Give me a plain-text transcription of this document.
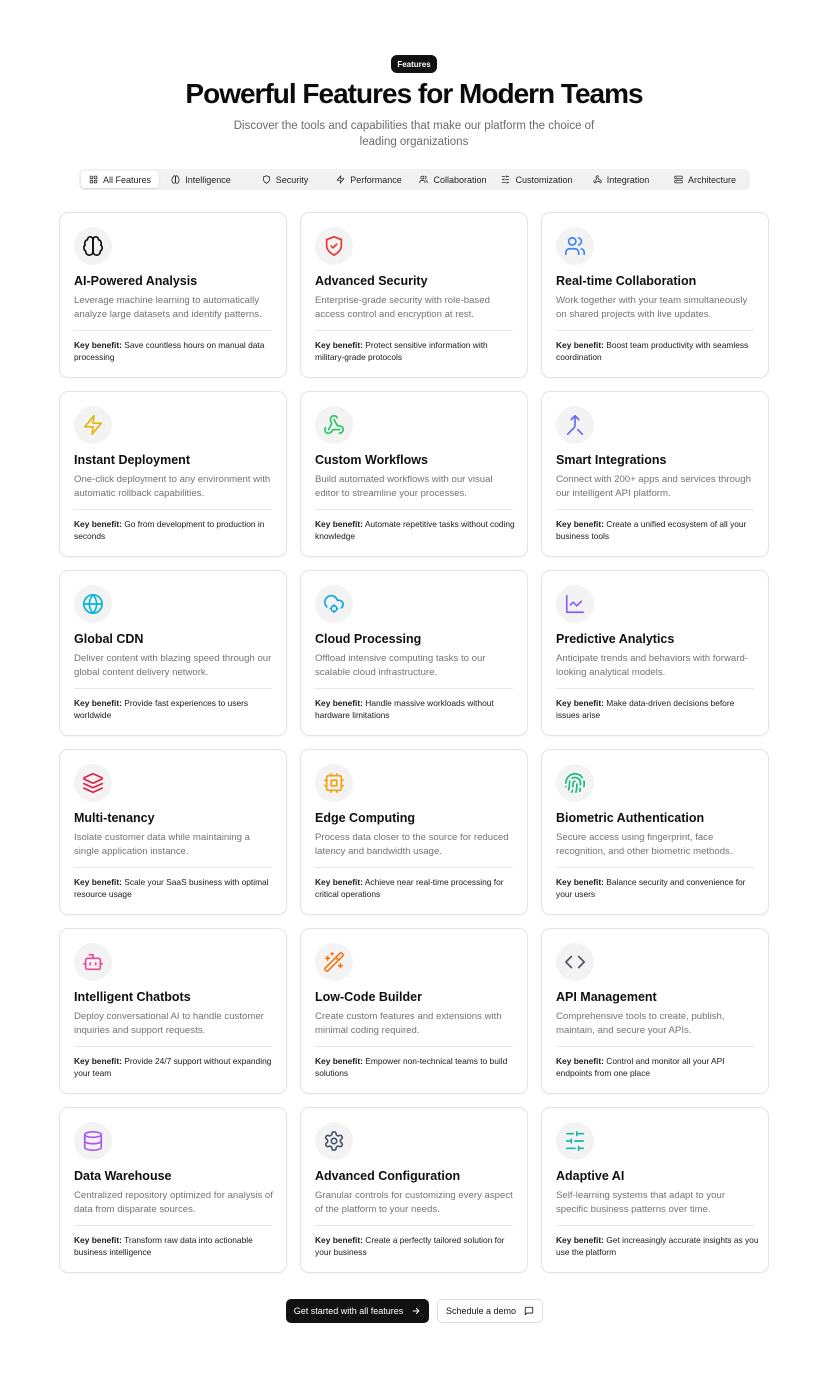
Features
Powerful Features for Modern Teams
Discover the tools and capabilities that make our platform the choice of leading organizations
All Features	Intelligence	Security	Performance	Collaboration	Customization	Integration	Architecture
AI-Powered Analysis
Leverage machine learning to automatically analyze large datasets and identify patterns.
Key benefit: Save countless hours on manual data processing
Advanced Security
Enterprise-grade security with role-based access control and encryption at rest.
Key benefit: Protect sensitive information with military-grade protocols
Real-time Collaboration
Work together with your team simultaneously on shared projects with live updates.
Key benefit: Boost team productivity with seamless coordination
Instant Deployment
One-click deployment to any environment with automatic rollback capabilities.
Key benefit: Go from development to production in seconds
Custom Workflows
Build automated workflows with our visual editor to streamline your processes.
Key benefit: Automate repetitive tasks without coding knowledge
Smart Integrations
Connect with 200+ apps and services through our intelligent API platform.
Key benefit: Create a unified ecosystem of all your business tools
Global CDN
Deliver content with blazing speed through our global content delivery network.
Key benefit: Provide fast experiences to users worldwide
Cloud Processing
Offload intensive computing tasks to our scalable cloud infrastructure.
Key benefit: Handle massive workloads without hardware limitations
Predictive Analytics
Anticipate trends and behaviors with forward-looking analytical models.
Key benefit: Make data-driven decisions before issues arise
Multi-tenancy
Isolate customer data while maintaining a single application instance.
Key benefit: Scale your SaaS business with optimal resource usage
Edge Computing
Process data closer to the source for reduced latency and bandwidth usage.
Key benefit: Achieve near real-time processing for critical operations
Biometric Authentication
Secure access using fingerprint, face recognition, and other biometric methods.
Key benefit: Balance security and convenience for your users
Intelligent Chatbots
Deploy conversational AI to handle customer inquiries and support requests.
Key benefit: Provide 24/7 support without expanding your team
Low-Code Builder
Create custom features and extensions with minimal coding required.
Key benefit: Empower non-technical teams to build solutions
API Management
Comprehensive tools to create, publish, maintain, and secure your APIs.
Key benefit: Control and monitor all your API endpoints from one place
Data Warehouse
Centralized repository optimized for analysis of data from disparate sources.
Key benefit: Transform raw data into actionable business intelligence
Advanced Configuration
Granular controls for customizing every aspect of the platform to your needs.
Key benefit: Create a perfectly tailored solution for your business
Adaptive AI
Self-learning systems that adapt to your specific business patterns over time.
Key benefit: Get increasingly accurate insights as you use the platform
Get started with all features	Schedule a demo
